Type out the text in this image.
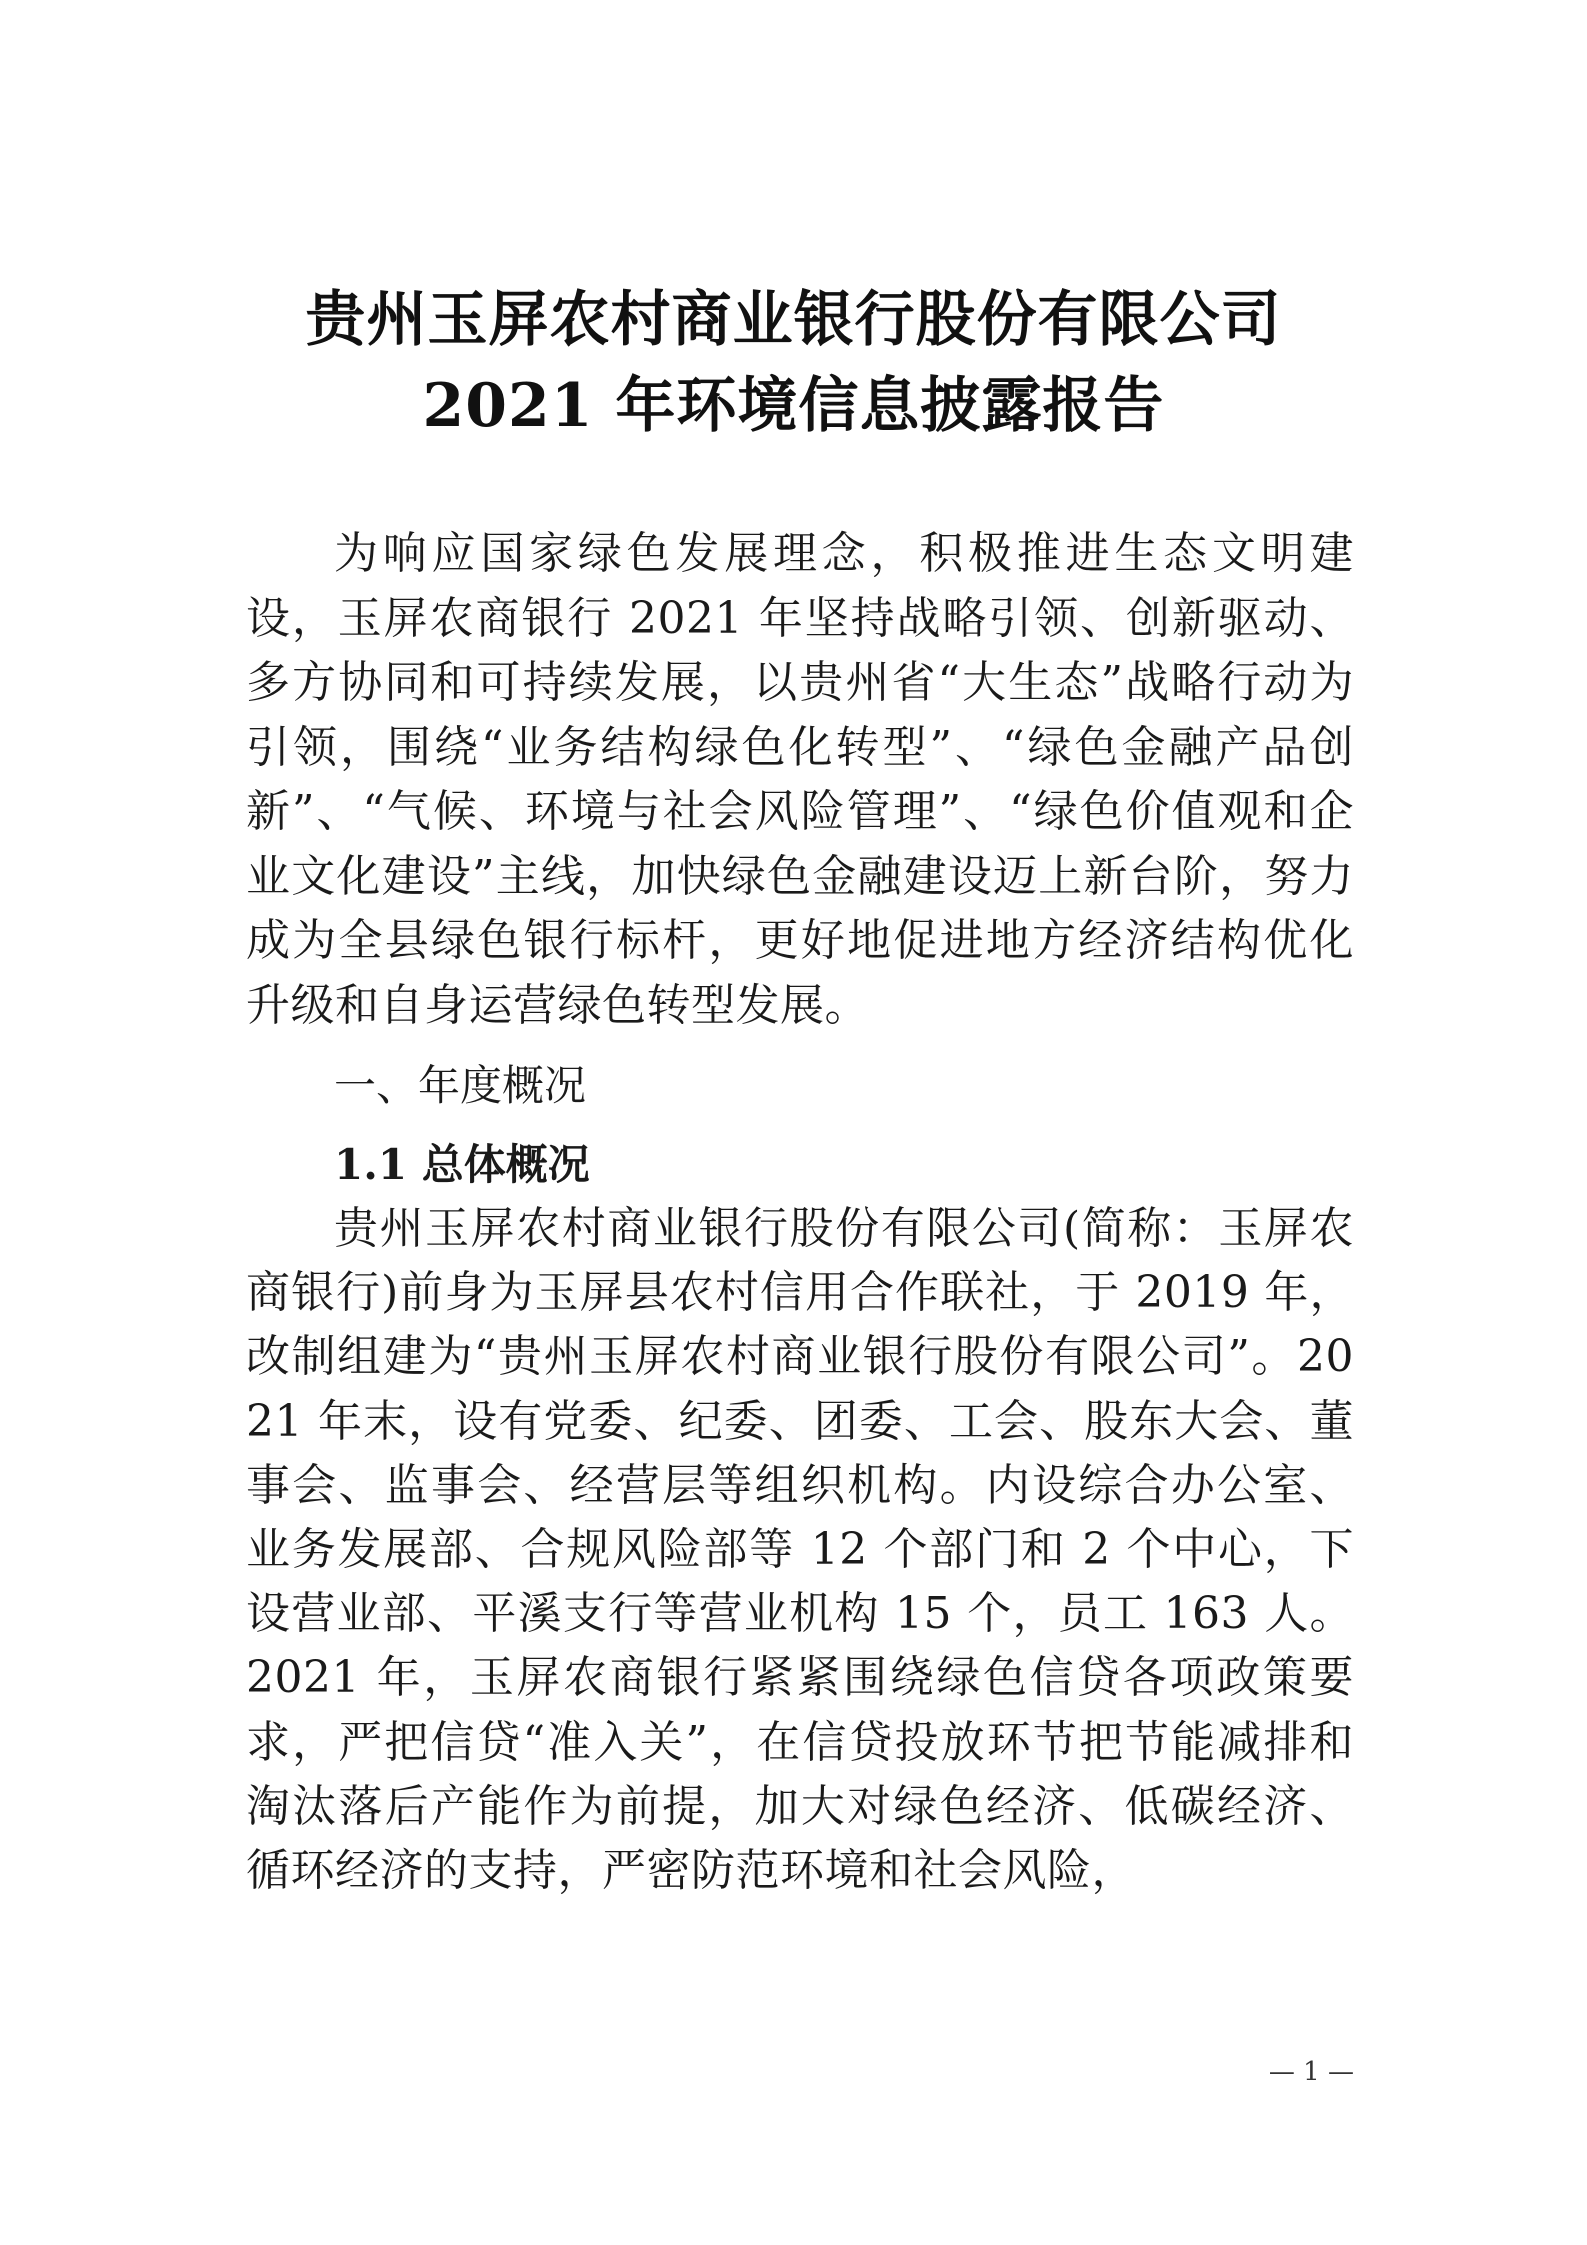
贵州玉屏农村商业银行股份有限公司
2021 年环境信息披露报告

为响应国家绿色发展理念，积极推进生态文明建设，玉屏农商银行 2021 年坚持战略引领、创新驱动、多方协同和可持续发展，以贵州省“大生态”战略行动为引领，围绕“业务结构绿色化转型”、“绿色金融产品创新”、“气候、环境与社会风险管理”、“绿色价值观和企业文化建设”主线，加快绿色金融建设迈上新台阶，努力成为全县绿色银行标杆，更好地促进地方经济结构优化升级和自身运营绿色转型发展。

一、年度概况
1.1 总体概况

贵州玉屏农村商业银行股份有限公司(简称：玉屏农商银行)前身为玉屏县农村信用合作联社，于 2019 年，改制组建为“贵州玉屏农村商业银行股份有限公司”。2021 年末，设有党委、纪委、团委、工会、股东大会、董事会、监事会、经营层等组织机构。内设综合办公室、业务发展部、合规风险部等 12 个部门和 2 个中心，下设营业部、平溪支行等营业机构 15 个，员工 163 人。2021 年，玉屏农商银行紧紧围绕绿色信贷各项政策要求，严把信贷“准入关”，在信贷投放环节把节能减排和淘汰落后产能作为前提，加大对绿色经济、低碳经济、循环经济的支持，严密防范环境和社会风险，

— 1 —
